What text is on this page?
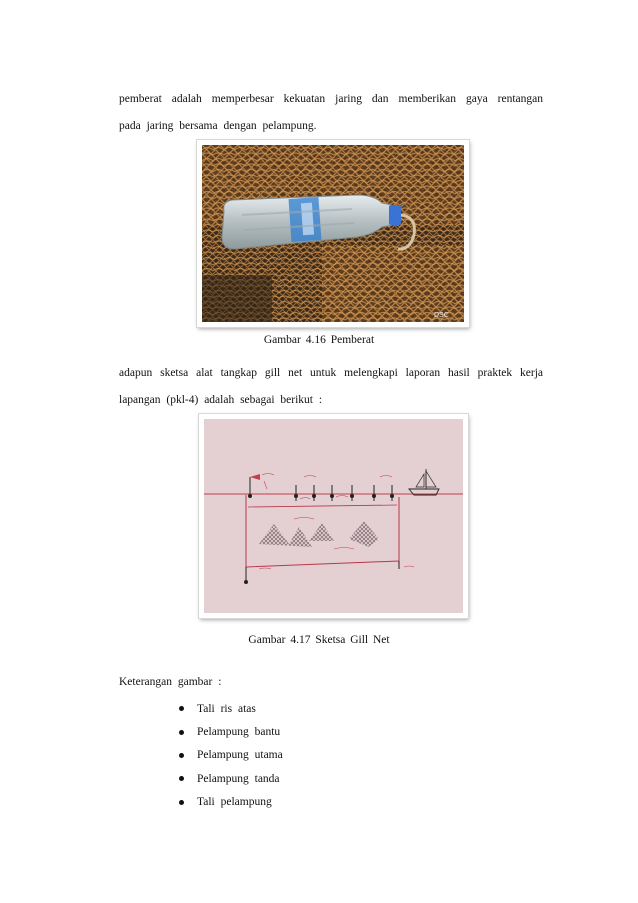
pemberat adalah memperbesar kekuatan jaring dan memberikan gaya rentangan
pada jaring bersama dengan pelampung.

DSC
Gambar 4.16 Pemberat

adapun sketsa alat tangkap gill net untuk melengkapi laporan hasil praktek kerja
lapangan (pkl-4) adalah sebagai berikut :

Gambar 4.17 Sketsa Gill Net
Keterangan gambar :
Tali ris atas
Pelampung bantu
Pelampung utama
Pelampung tanda
Tali pelampung
